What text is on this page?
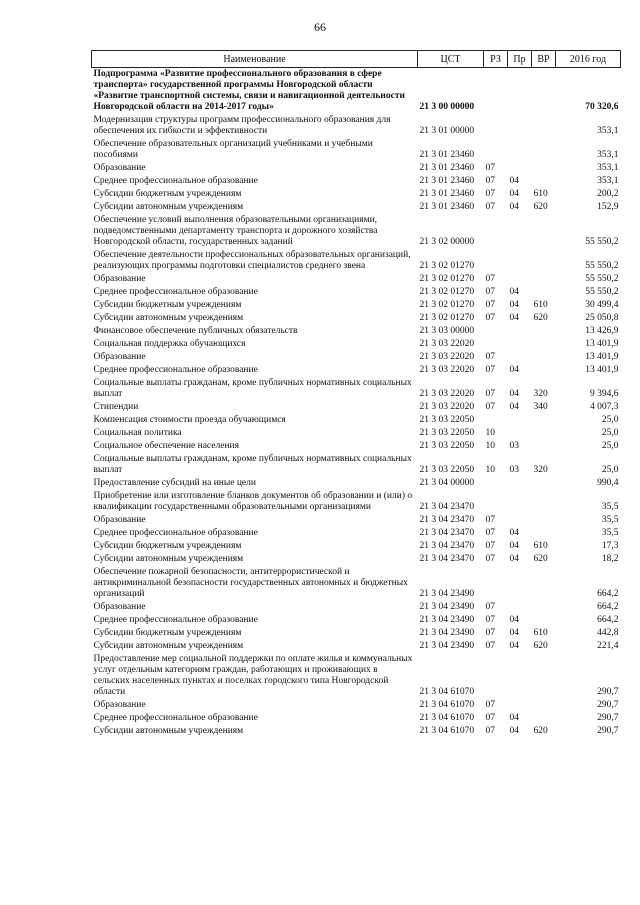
66
Наименование	ЦСТ	РЗ	Пр	ВР	2016 год
Подпрограмма «Развитие профессионального образования в сфере транспорта» государственной программы Новгородской области «Развитие транспортной системы, связи и навигационной деятельности Новгородской области на 2014-2017 годы»	21 3 00 00000				70 320,6
Модернизация структуры программ профессионального образования для обеспечения их гибкости и эффективности	21 3 01 00000				353,1
Обеспечение образовательных организаций учебниками и учебными пособиями	21 3 01 23460				353,1
Образование	21 3 01 23460	07			353,1
Среднее профессиональное образование	21 3 01 23460	07	04		353,1
Субсидии бюджетным учреждениям	21 3 01 23460	07	04	610	200,2
Субсидии автономным учреждениям	21 3 01 23460	07	04	620	152,9
Обеспечение условий выполнения образовательными организациями, подведомственными департаменту транспорта и дорожного хозяйства Новгородской области, государственных заданий	21 3 02 00000				55 550,2
Обеспечение деятельности профессиональных образовательных организаций, реализующих программы подготовки специалистов среднего звена	21 3 02 01270				55 550,2
Образование	21 3 02 01270	07			55 550,2
Среднее профессиональное образование	21 3 02 01270	07	04		55 550,2
Субсидии бюджетным учреждениям	21 3 02 01270	07	04	610	30 499,4
Субсидии автономным учреждениям	21 3 02 01270	07	04	620	25 050,8
Финансовое обеспечение публичных обязательств	21 3 03 00000				13 426,9
Социальная поддержка обучающихся	21 3 03 22020				13 401,9
Образование	21 3 03 22020	07			13 401,9
Среднее профессиональное образование	21 3 03 22020	07	04		13 401,9
Социальные выплаты гражданам, кроме публичных нормативных социальных выплат	21 3 03 22020	07	04	320	9 394,6
Стипендии	21 3 03 22020	07	04	340	4 007,3
Компенсация стоимости проезда обучающимся	21 3 03 22050				25,0
Социальная политика	21 3 03 22050	10			25,0
Социальное обеспечение населения	21 3 03 22050	10	03		25,0
Социальные выплаты гражданам, кроме публичных нормативных социальных выплат	21 3 03 22050	10	03	320	25,0
Предоставление субсидий на иные цели	21 3 04 00000				990,4
Приобретение или изготовление бланков документов об образовании и (или) о квалификации государственными образовательными организациями	21 3 04 23470				35,5
Образование	21 3 04 23470	07			35,5
Среднее профессиональное образование	21 3 04 23470	07	04		35,5
Субсидии бюджетным учреждениям	21 3 04 23470	07	04	610	17,3
Субсидии автономным учреждениям	21 3 04 23470	07	04	620	18,2
Обеспечение пожарной безопасности, антитеррористической и антикриминальной безопасности государственных автономных и бюджетных организаций	21 3 04 23490				664,2
Образование	21 3 04 23490	07			664,2
Среднее профессиональное образование	21 3 04 23490	07	04		664,2
Субсидии бюджетным учреждениям	21 3 04 23490	07	04	610	442,8
Субсидии автономным учреждениям	21 3 04 23490	07	04	620	221,4
Предоставление мер социальной поддержки по оплате жилья и коммунальных услуг отдельным категориям граждан, работающих и проживающих в сельских населенных пунктах и поселках городского типа Новгородской области	21 3 04 61070				290,7
Образование	21 3 04 61070	07			290,7
Среднее профессиональное образование	21 3 04 61070	07	04		290,7
Субсидии автономным учреждениям	21 3 04 61070	07	04	620	290,7
